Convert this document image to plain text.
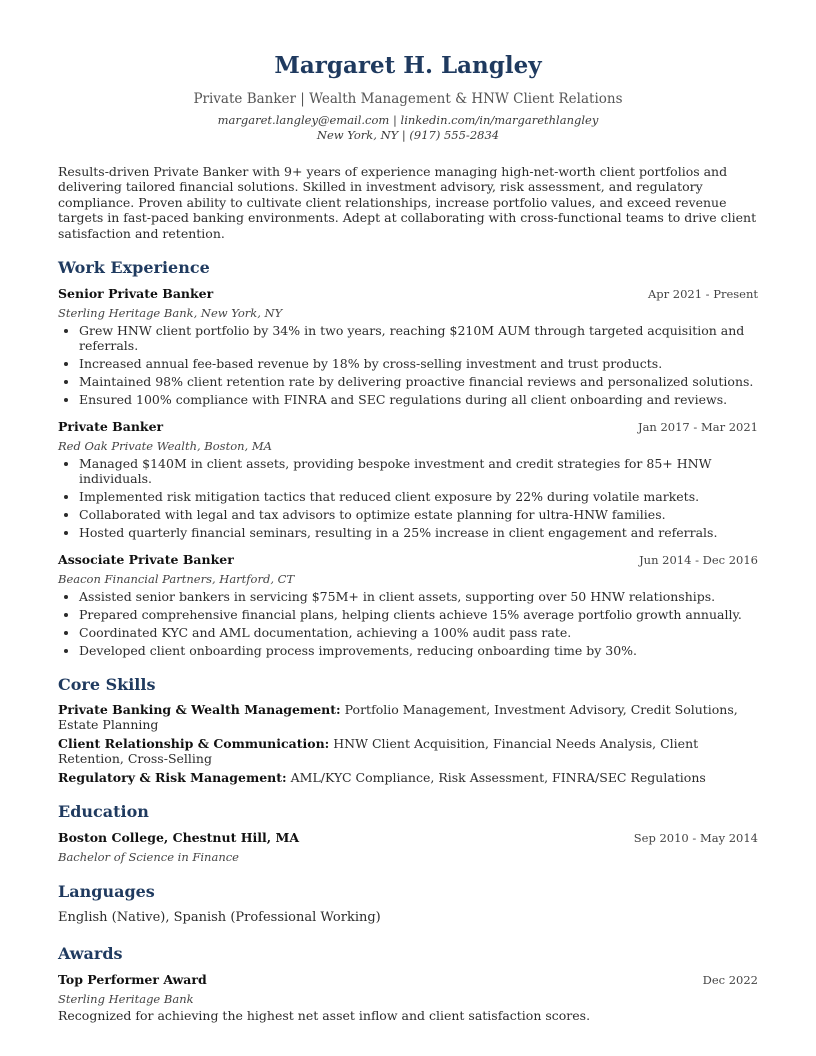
Margaret H. Langley
Private Banker | Wealth Management & HNW Client Relations
margaret.langley@email.com | linkedin.com/in/margarethlangley
New York, NY | (917) 555-2834
Results-driven Private Banker with 9+ years of experience managing high-net-worth client portfolios and delivering tailored financial solutions. Skilled in investment advisory, risk assessment, and regulatory compliance. Proven ability to cultivate client relationships, increase portfolio values, and exceed revenue targets in fast-paced banking environments. Adept at collaborating with cross-functional teams to drive client satisfaction and retention.
Work Experience
Senior Private Banker	Apr 2021 - Present
Sterling Heritage Bank, New York, NY
• Grew HNW client portfolio by 34% in two years, reaching $210M AUM through targeted acquisition and referrals.
• Increased annual fee-based revenue by 18% by cross-selling investment and trust products.
• Maintained 98% client retention rate by delivering proactive financial reviews and personalized solutions.
• Ensured 100% compliance with FINRA and SEC regulations during all client onboarding and reviews.
Private Banker	Jan 2017 - Mar 2021
Red Oak Private Wealth, Boston, MA
• Managed $140M in client assets, providing bespoke investment and credit strategies for 85+ HNW individuals.
• Implemented risk mitigation tactics that reduced client exposure by 22% during volatile markets.
• Collaborated with legal and tax advisors to optimize estate planning for ultra-HNW families.
• Hosted quarterly financial seminars, resulting in a 25% increase in client engagement and referrals.
Associate Private Banker	Jun 2014 - Dec 2016
Beacon Financial Partners, Hartford, CT
• Assisted senior bankers in servicing $75M+ in client assets, supporting over 50 HNW relationships.
• Prepared comprehensive financial plans, helping clients achieve 15% average portfolio growth annually.
• Coordinated KYC and AML documentation, achieving a 100% audit pass rate.
• Developed client onboarding process improvements, reducing onboarding time by 30%.
Core Skills
Private Banking & Wealth Management: Portfolio Management, Investment Advisory, Credit Solutions, Estate Planning
Client Relationship & Communication: HNW Client Acquisition, Financial Needs Analysis, Client Retention, Cross-Selling
Regulatory & Risk Management: AML/KYC Compliance, Risk Assessment, FINRA/SEC Regulations
Education
Boston College, Chestnut Hill, MA	Sep 2010 - May 2014
Bachelor of Science in Finance
Languages
English (Native), Spanish (Professional Working)
Awards
Top Performer Award	Dec 2022
Sterling Heritage Bank
Recognized for achieving the highest net asset inflow and client satisfaction scores.
